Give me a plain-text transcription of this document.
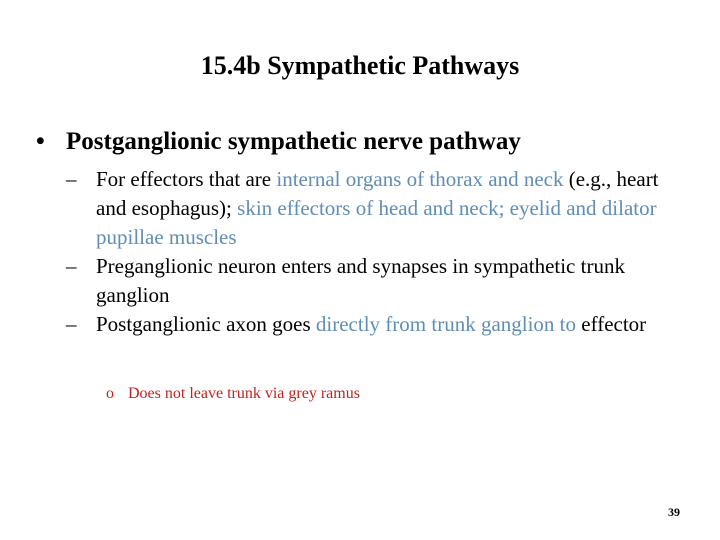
15.4b Sympathetic Pathways
• Postganglionic sympathetic nerve pathway
– For effectors that are internal organs of thorax and neck (e.g., heart and esophagus); skin effectors of head and neck; eyelid and dilator pupillae muscles
– Preganglionic neuron enters and synapses in sympathetic trunk ganglion
– Postganglionic axon goes directly from trunk ganglion to effector
o Does not leave trunk via grey ramus
39
